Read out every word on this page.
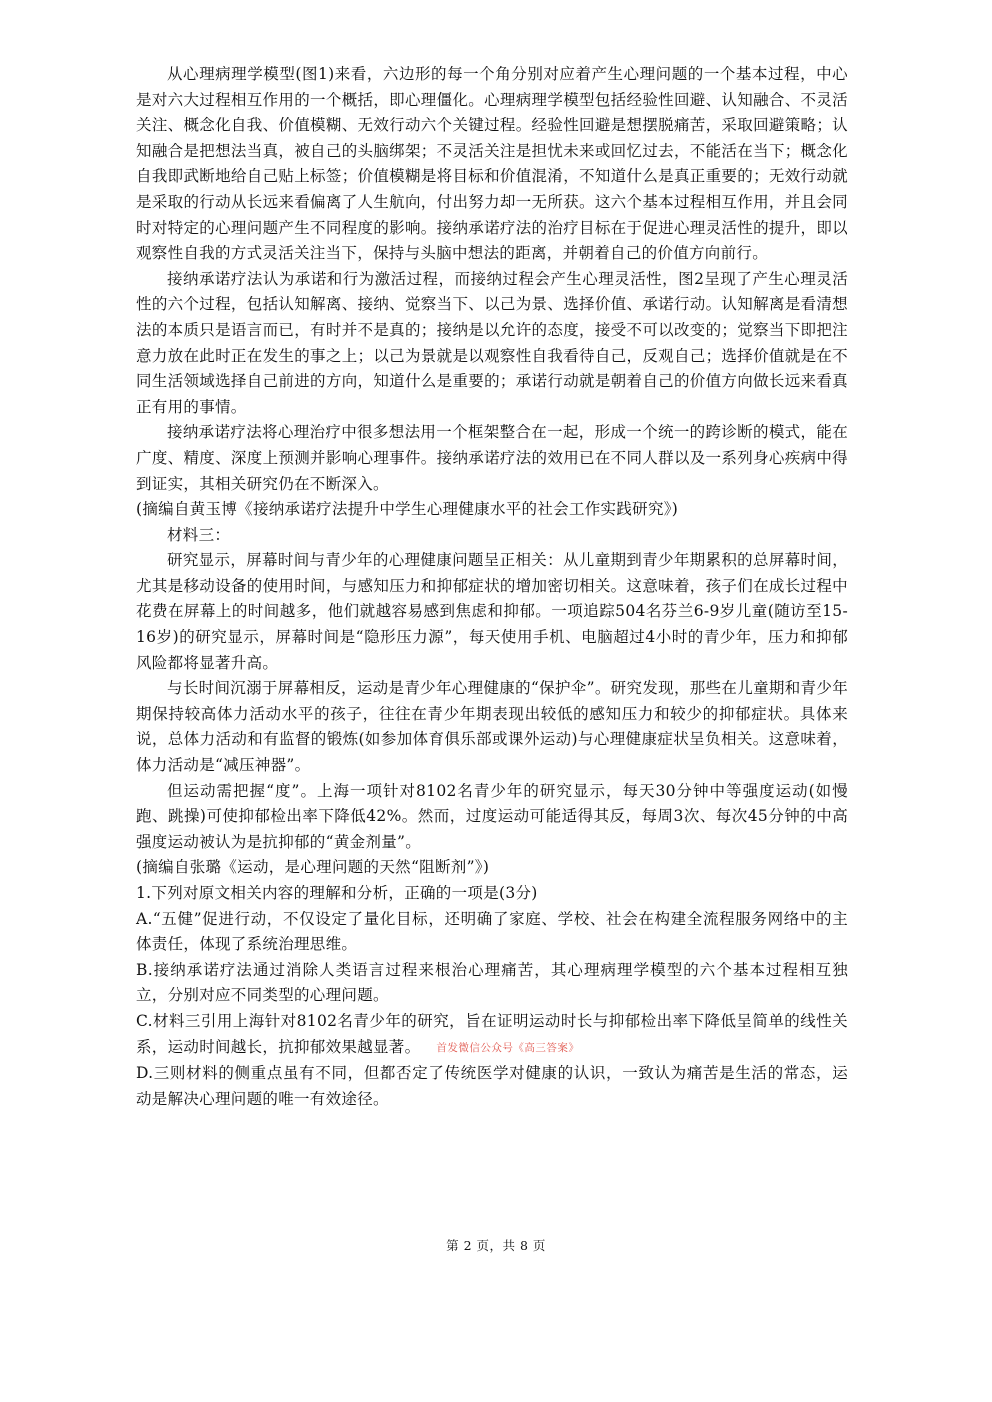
从心理病理学模型(图1)来看，六边形的每一个角分别对应着产生心理问题的一个基本过程，中心是对六大过程相互作用的一个概括，即心理僵化。心理病理学模型包括经验性回避、认知融合、不灵活关注、概念化自我、价值模糊、无效行动六个关键过程。经验性回避是想摆脱痛苦，采取回避策略；认知融合是把想法当真，被自己的头脑绑架；不灵活关注是担忧未来或回忆过去，不能活在当下；概念化自我即武断地给自己贴上标签；价值模糊是将目标和价值混淆，不知道什么是真正重要的；无效行动就是采取的行动从长远来看偏离了人生航向，付出努力却一无所获。这六个基本过程相互作用，并且会同时对特定的心理问题产生不同程度的影响。接纳承诺疗法的治疗目标在于促进心理灵活性的提升，即以观察性自我的方式灵活关注当下，保持与头脑中想法的距离，并朝着自己的价值方向前行。

接纳承诺疗法认为承诺和行为激活过程，而接纳过程会产生心理灵活性，图2呈现了产生心理灵活性的六个过程，包括认知解离、接纳、觉察当下、以己为景、选择价值、承诺行动。认知解离是看清想法的本质只是语言而已，有时并不是真的；接纳是以允许的态度，接受不可以改变的；觉察当下即把注意力放在此时正在发生的事之上；以己为景就是以观察性自我看待自己，反观自己；选择价值就是在不同生活领域选择自己前进的方向，知道什么是重要的；承诺行动就是朝着自己的价值方向做长远来看真正有用的事情。

接纳承诺疗法将心理治疗中很多想法用一个框架整合在一起，形成一个统一的跨诊断的模式，能在广度、精度、深度上预测并影响心理事件。接纳承诺疗法的效用已在不同人群以及一系列身心疾病中得到证实，其相关研究仍在不断深入。

(摘编自黄玉博《接纳承诺疗法提升中学生心理健康水平的社会工作实践研究》)

材料三：

研究显示，屏幕时间与青少年的心理健康问题呈正相关：从儿童期到青少年期累积的总屏幕时间，尤其是移动设备的使用时间，与感知压力和抑郁症状的增加密切相关。这意味着，孩子们在成长过程中花费在屏幕上的时间越多，他们就越容易感到焦虑和抑郁。一项追踪504名芬兰6-9岁儿童(随访至15-16岁)的研究显示，屏幕时间是“隐形压力源”，每天使用手机、电脑超过4小时的青少年，压力和抑郁风险都将显著升高。

与长时间沉溺于屏幕相反，运动是青少年心理健康的“保护伞”。研究发现，那些在儿童期和青少年期保持较高体力活动水平的孩子，往往在青少年期表现出较低的感知压力和较少的抑郁症状。具体来说，总体力活动和有监督的锻炼(如参加体育俱乐部或课外运动)与心理健康症状呈负相关。这意味着，体力活动是“减压神器”。

但运动需把握“度”。上海一项针对8102名青少年的研究显示，每天30分钟中等强度运动(如慢跑、跳操)可使抑郁检出率下降低42%。然而，过度运动可能适得其反，每周3次、每次45分钟的中高强度运动被认为是抗抑郁的“黄金剂量”。

(摘编自张璐《运动，是心理问题的天然“阻断剂”》)

1.下列对原文相关内容的理解和分析，正确的一项是(3分)

A.“五健”促进行动，不仅设定了量化目标，还明确了家庭、学校、社会在构建全流程服务网络中的主体责任，体现了系统治理思维。

B.接纳承诺疗法通过消除人类语言过程来根治心理痛苦，其心理病理学模型的六个基本过程相互独立，分别对应不同类型的心理问题。

C.材料三引用上海针对8102名青少年的研究，旨在证明运动时长与抑郁检出率下降低呈简单的线性关系，运动时间越长，抗抑郁效果越显著。 首发微信公众号《高三答案》

D.三则材料的侧重点虽有不同，但都否定了传统医学对健康的认识，一致认为痛苦是生活的常态，运动是解决心理问题的唯一有效途径。

第 2 页，共 8 页
